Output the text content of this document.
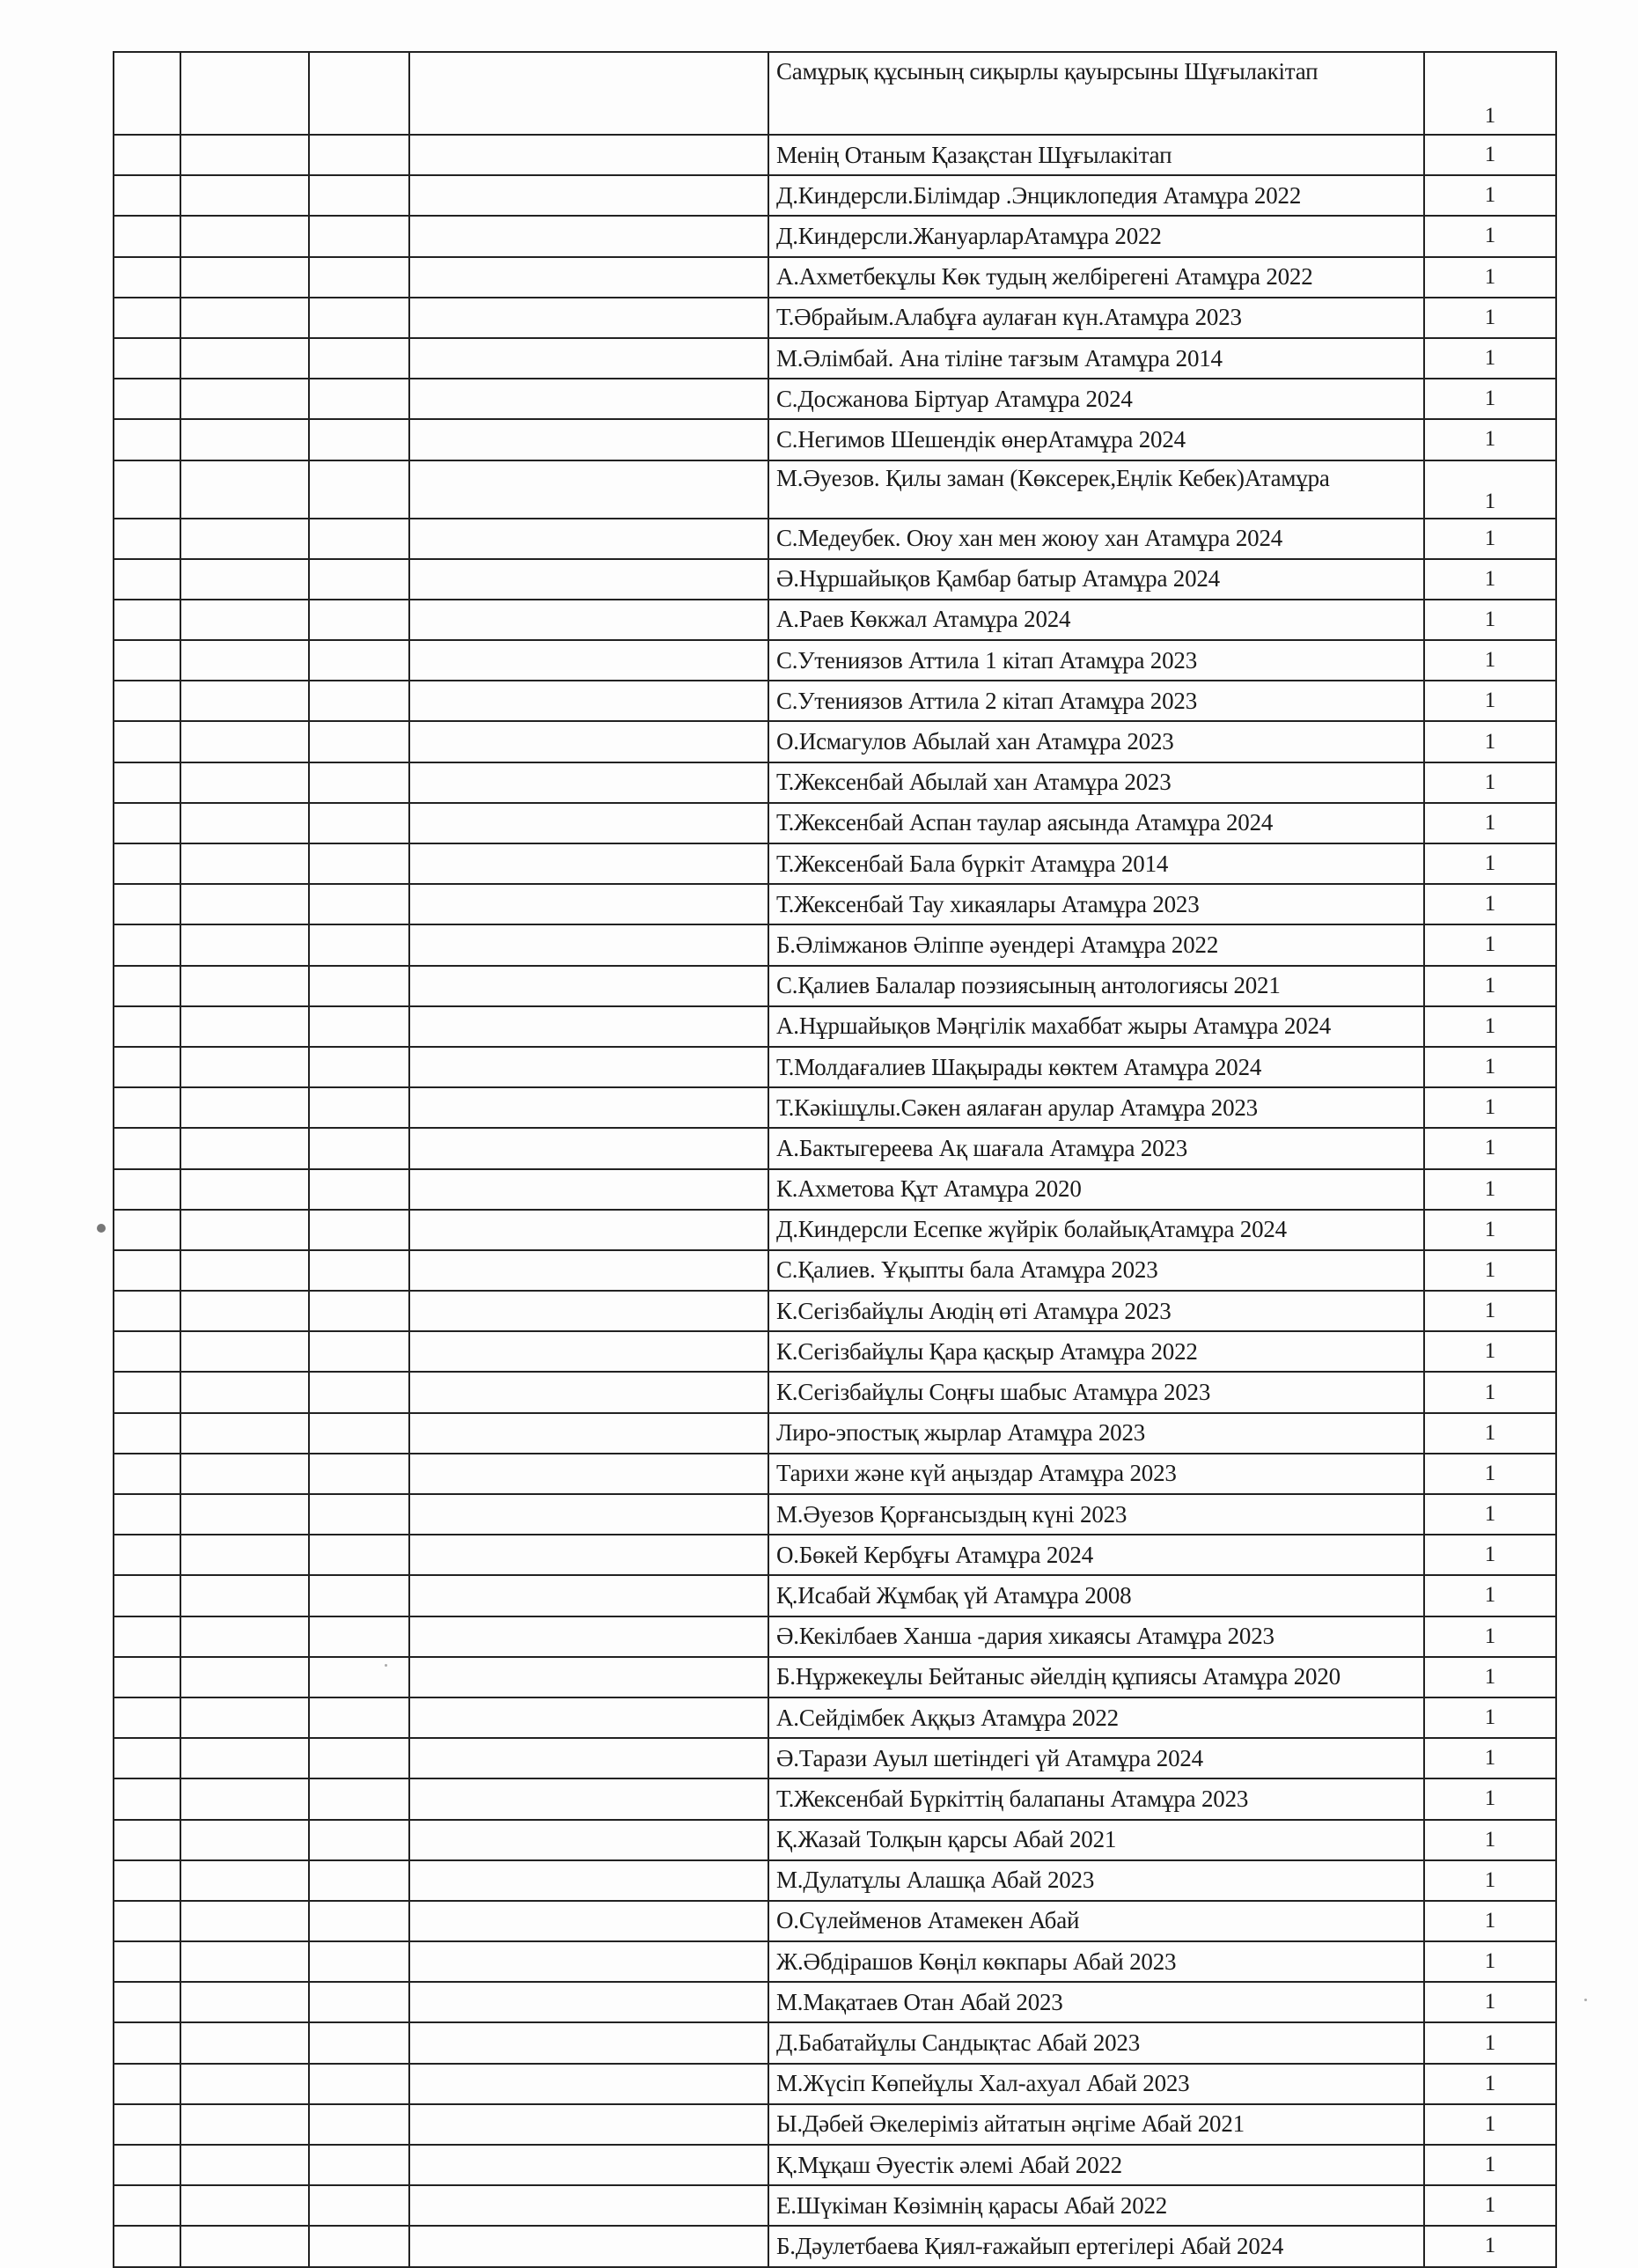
				Самұрық құсының сиқырлы қауырсыны Шұғылакітап	1
				Менің Отаным Қазақстан Шұғылакітап	1
				Д.Киндерсли.Білімдар .Энциклопедия Атамұра 2022	1
				Д.Киндерсли.ЖануарларАтамұра 2022	1
				А.Ахметбекұлы Көк тудың желбірегені Атамұра 2022	1
				Т.Әбрайым.Алабұға аулаған күн.Атамұра 2023	1
				М.Әлімбай. Ана тіліне тағзым Атамұра 2014	1
				С.Досжанова Біртуар Атамұра 2024	1
				С.Негимов Шешендік өнерАтамұра 2024	1
				М.Әуезов. Қилы заман (Көксерек,Еңлік Кебек)Атамұра	1
				С.Медеубек. Оюу хан мен жоюу хан Атамұра 2024	1
				Ә.Нұршайықов Қамбар батыр Атамұра 2024	1
				А.Раев Көкжал Атамұра 2024	1
				С.Утениязов Аттила 1 кітап Атамұра 2023	1
				С.Утениязов Аттила 2 кітап Атамұра 2023	1
				О.Исмагулов Абылай хан Атамұра 2023	1
				Т.Жексенбай Абылай хан Атамұра 2023	1
				Т.Жексенбай Аспан таулар аясында Атамұра 2024	1
				Т.Жексенбай Бала бүркіт Атамұра 2014	1
				Т.Жексенбай Тау хикаялары Атамұра 2023	1
				Б.Әлімжанов Әліппе әуендері Атамұра 2022	1
				С.Қалиев Балалар поэзиясының антологиясы 2021	1
				А.Нұршайықов Мәңгілік махаббат жыры Атамұра 2024	1
				Т.Молдағалиев Шақырады көктем Атамұра 2024	1
				Т.Кәкішұлы.Сәкен аялаған арулар Атамұра 2023	1
				А.Бактыгереева Ақ шағала Атамұра 2023	1
				К.Ахметова Құт Атамұра 2020	1
				Д.Киндерсли Есепке жүйрік болайықАтамұра 2024	1
				С.Қалиев. Ұқыпты бала Атамұра 2023	1
				К.Сегізбайұлы Аюдің өті Атамұра 2023	1
				К.Сегізбайұлы Қара қасқыр Атамұра 2022	1
				К.Сегізбайұлы Соңғы шабыс Атамұра 2023	1
				Лиро-эпостық жырлар Атамұра 2023	1
				Тарихи және күй аңыздар Атамұра 2023	1
				М.Әуезов Қорғансыздың күні 2023	1
				О.Бөкей Кербұғы Атамұра 2024	1
				Қ.Исабай Жұмбақ үй Атамұра 2008	1
				Ә.Кекілбаев Ханша -дария хикаясы Атамұра 2023	1
				Б.Нұржекеұлы Бейтаныс әйелдің құпиясы Атамұра 2020	1
				А.Сейдімбек Аққыз Атамұра 2022	1
				Ә.Тарази Ауыл шетіндегі үй Атамұра 2024	1
				Т.Жексенбай Бүркіттің балапаны Атамұра 2023	1
				Қ.Жазай Толқын қарсы Абай 2021	1
				М.Дулатұлы Алашқа Абай 2023	1
				О.Сүлейменов Атамекен Абай	1
				Ж.Әбдірашов Көңіл көкпары Абай 2023	1
				М.Мақатаев Отан Абай 2023	1
				Д.Бабатайұлы Сандықтас Абай 2023	1
				М.Жүсіп Көпейұлы Хал-ахуал Абай 2023	1
				Ы.Дәбей Әкелеріміз айтатын әңгіме Абай 2021	1
				Қ.Мұқаш Әуестік әлемі Абай 2022	1
				Е.Шүкіман Көзімнің қарасы Абай 2022	1
				Б.Дәулетбаева Қиял-ғажайып ертегілері Абай 2024	1
